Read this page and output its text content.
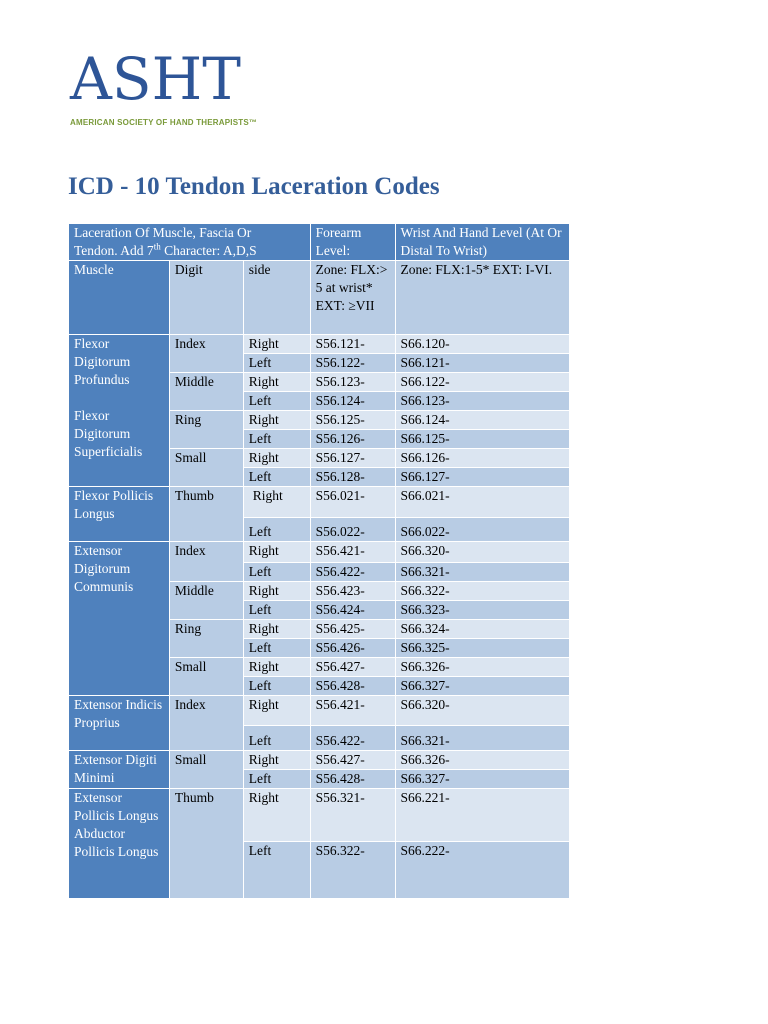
ASHT
AMERICAN SOCIETY OF HAND THERAPISTS™
ICD - 10 Tendon Laceration Codes
Laceration Of Muscle, Fascia Or
Tendon. Add 7th Character: A,D,S			Forearm Level:	Wrist And Hand Level (At Or Distal To Wrist)
Muscle	Digit	side	Zone: FLX:> 5 at wrist* EXT: ≥VII	Zone: FLX:1-5* EXT: I-VI.
Flexor Digitorum Profundus
Flexor Digitorum Superficialis	Index	Right	S56.121-	S66.120-
		Left	S56.122-	S66.121-
	Middle	Right	S56.123-	S66.122-
		Left	S56.124-	S66.123-
	Ring	Right	S56.125-	S66.124-
		Left	S56.126-	S66.125-
	Small	Right	S56.127-	S66.126-
		Left	S56.128-	S66.127-
Flexor Pollicis Longus	Thumb	Right	S56.021-	S66.021-
		Left	S56.022-	S66.022-
Extensor Digitorum Communis	Index	Right	S56.421-	S66.320-
		Left	S56.422-	S66.321-
	Middle	Right	S56.423-	S66.322-
		Left	S56.424-	S66.323-
	Ring	Right	S56.425-	S66.324-
		Left	S56.426-	S66.325-
	Small	Right	S56.427-	S66.326-
		Left	S56.428-	S66.327-
Extensor Indicis Proprius	Index	Right	S56.421-	S66.320-
		Left	S56.422-	S66.321-
Extensor Digiti Minimi	Small	Right	S56.427-	S66.326-
		Left	S56.428-	S66.327-
Extensor Pollicis Longus
Abductor Pollicis Longus	Thumb	Right	S56.321-	S66.221-
		Left	S56.322-	S66.222-
